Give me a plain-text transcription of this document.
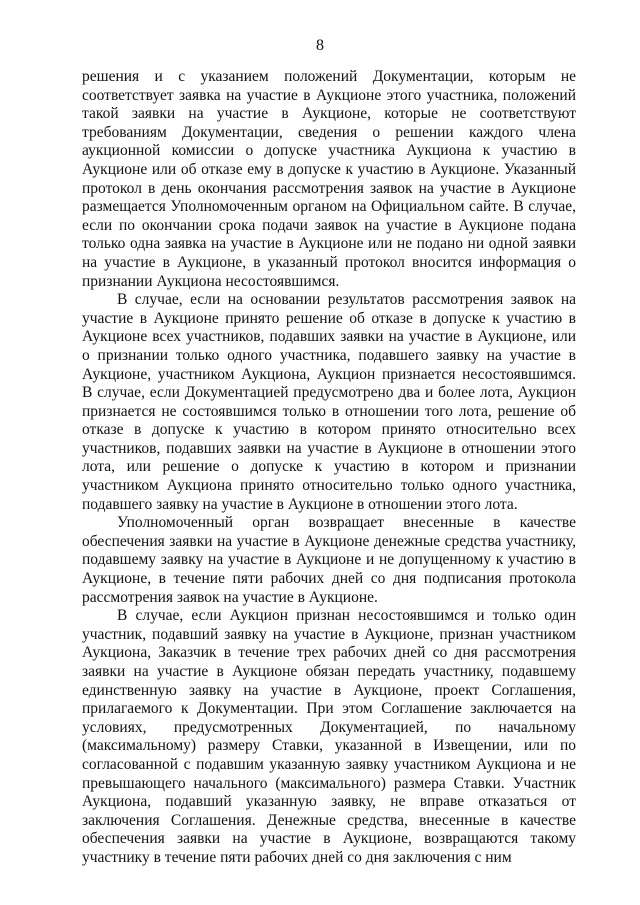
8

решения и с указанием положений Документации, которым не соответствует заявка на участие в Аукционе этого участника, положений такой заявки на участие в Аукционе, которые не соответствуют требованиям Документации, сведения о решении каждого члена аукционной комиссии о допуске участника Аукциона к участию в Аукционе или об отказе ему в допуске к участию в Аукционе. Указанный протокол в день окончания рассмотрения заявок на участие в Аукционе размещается Уполномоченным органом на Официальном сайте. В случае, если по окончании срока подачи заявок на участие в Аукционе подана только одна заявка на участие в Аукционе или не подано ни одной заявки на участие в Аукционе, в указанный протокол вносится информация о признании Аукциона несостоявшимся.

В случае, если на основании результатов рассмотрения заявок на участие в Аукционе принято решение об отказе в допуске к участию в Аукционе всех участников, подавших заявки на участие в Аукционе, или о признании только одного участника, подавшего заявку на участие в Аукционе, участником Аукциона, Аукцион признается несостоявшимся. В случае, если Документацией предусмотрено два и более лота, Аукцион признается не состоявшимся только в отношении того лота, решение об отказе в допуске к участию в котором принято относительно всех участников, подавших заявки на участие в Аукционе в отношении этого лота, или решение о допуске к участию в котором и признании участником Аукциона принято относительно только одного участника, подавшего заявку на участие в Аукционе в отношении этого лота.

Уполномоченный орган возвращает внесенные в качестве обеспечения заявки на участие в Аукционе денежные средства участнику, подавшему заявку на участие в Аукционе и не допущенному к участию в Аукционе, в течение пяти рабочих дней со дня подписания протокола рассмотрения заявок на участие в Аукционе.

В случае, если Аукцион признан несостоявшимся и только один участник, подавший заявку на участие в Аукционе, признан участником Аукциона, Заказчик в течение трех рабочих дней со дня рассмотрения заявки на участие в Аукционе обязан передать участнику, подавшему единственную заявку на участие в Аукционе, проект Соглашения, прилагаемого к Документации. При этом Соглашение заключается на условиях, предусмотренных Документацией, по начальному (максимальному) размеру Ставки, указанной в Извещении, или по согласованной с подавшим указанную заявку участником Аукциона и не превышающего начального (максимального) размера Ставки. Участник Аукциона, подавший указанную заявку, не вправе отказаться от заключения Соглашения. Денежные средства, внесенные в качестве обеспечения заявки на участие в Аукционе, возвращаются такому участнику в течение пяти рабочих дней со дня заключения с ним
